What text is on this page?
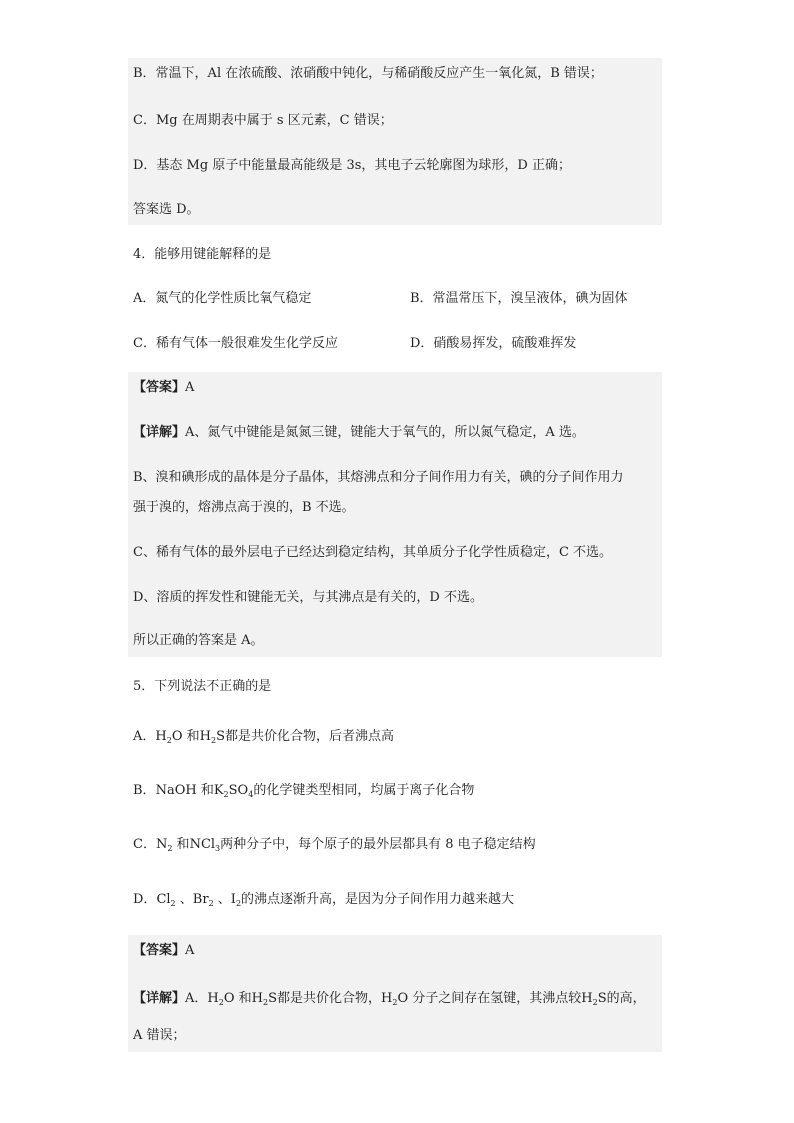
B．常温下，Al 在浓硫酸、浓硝酸中钝化，与稀硝酸反应产生一氧化氮，B 错误；
C．Mg 在周期表中属于 s 区元素，C 错误；
D．基态 Mg 原子中能量最高能级是 3s，其电子云轮廓图为球形，D 正确；
答案选 D。
4．能够用键能解释的是
A．氮气的化学性质比氧气稳定	B．常温常压下，溴呈液体，碘为固体
C．稀有气体一般很难发生化学反应	D．硝酸易挥发，硫酸难挥发
【答案】A
【详解】A、氮气中键能是氮氮三键，键能大于氧气的，所以氮气稳定，A 选。
B、溴和碘形成的晶体是分子晶体，其熔沸点和分子间作用力有关，碘的分子间作用力
强于溴的，熔沸点高于溴的，B 不选。
C、稀有气体的最外层电子已经达到稳定结构，其单质分子化学性质稳定，C 不选。
D、溶质的挥发性和键能无关，与其沸点是有关的，D 不选。
所以正确的答案是 A。
5．下列说法不正确的是
A．$H_2O$ 和$H_2S$都是共价化合物，后者沸点高
B．NaOH 和$K_2SO_4$的化学键类型相同，均属于离子化合物
C．$N_2$ 和NCl$_3$两种分子中，每个原子的最外层都具有 8 电子稳定结构
D．$Cl_2$ 、$Br_2$ 、$I_2$的沸点逐渐升高，是因为分子间作用力越来越大
【答案】A
【详解】A．$H_2O$ 和$H_2S$都是共价化合物，$H_2O$ 分子之间存在氢键，其沸点较$H_2S$的高，
A 错误；
